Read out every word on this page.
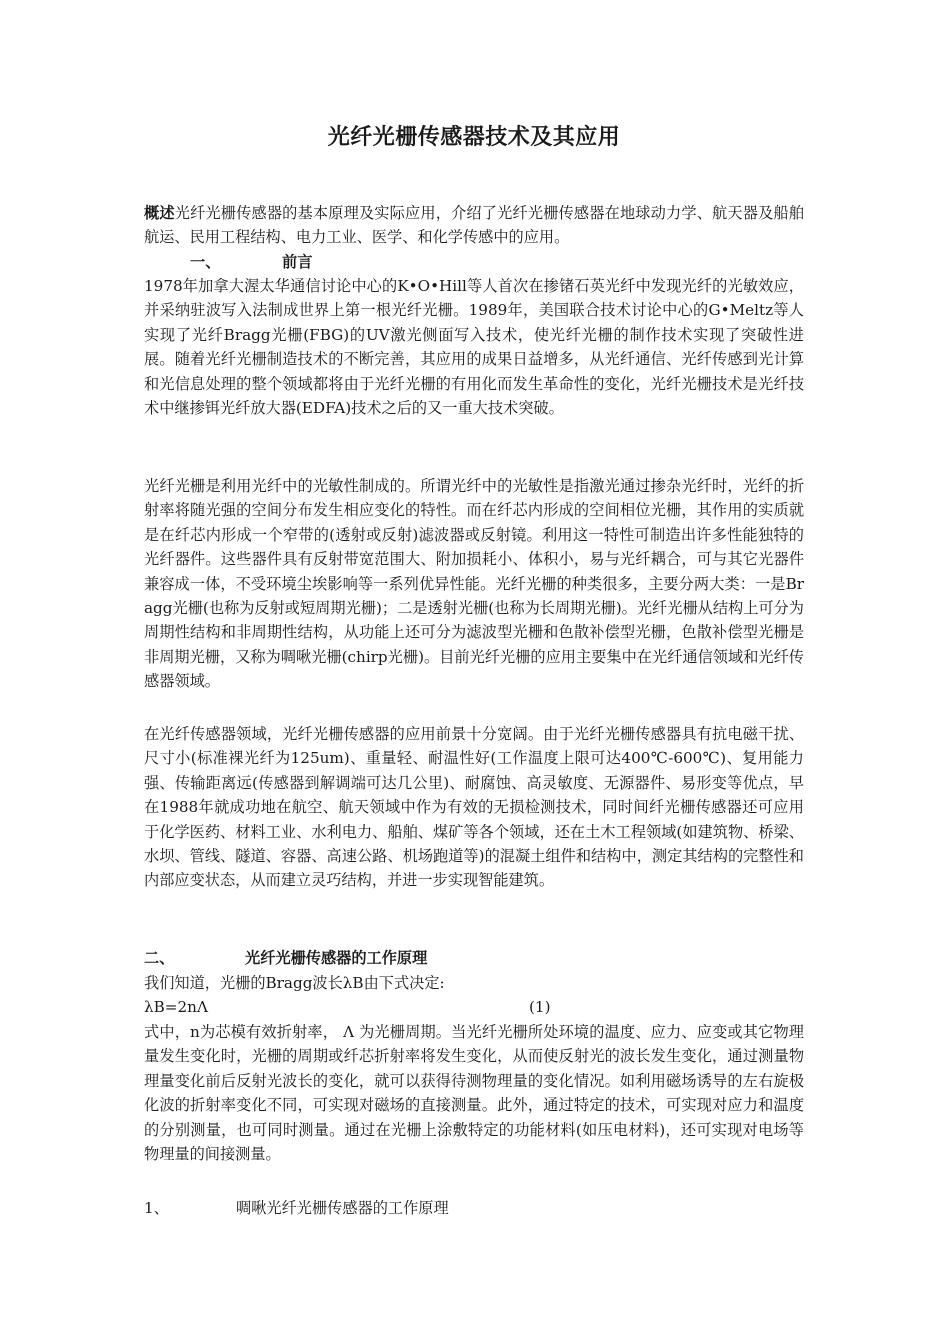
光纤光栅传感器技术及其应用
概述光纤光栅传感器的基本原理及实际应用，介绍了光纤光栅传感器在地球动力学、航天器及船舶航运、民用工程结构、电力工业、医学、和化学传感中的应用。
一、	前言
1978年加拿大渥太华通信讨论中心的K•O•Hill等人首次在掺锗石英光纤中发现光纤的光敏效应，并采纳驻波写入法制成世界上第一根光纤光栅。1989年，美国联合技术讨论中心的G•Meltz等人实现了光纤Bragg光栅(FBG)的UV激光侧面写入技术，使光纤光栅的制作技术实现了突破性进展。随着光纤光栅制造技术的不断完善，其应用的成果日益增多，从光纤通信、光纤传感到光计算和光信息处理的整个领域都将由于光纤光栅的有用化而发生革命性的变化，光纤光栅技术是光纤技术中继掺铒光纤放大器(EDFA)技术之后的又一重大技术突破。
光纤光栅是利用光纤中的光敏性制成的。所谓光纤中的光敏性是指激光通过掺杂光纤时，光纤的折射率将随光强的空间分布发生相应变化的特性。而在纤芯内形成的空间相位光栅，其作用的实质就是在纤芯内形成一个窄带的(透射或反射)滤波器或反射镜。利用这一特性可制造出许多性能独特的光纤器件。这些器件具有反射带宽范围大、附加损耗小、体积小，易与光纤耦合，可与其它光器件兼容成一体，不受环境尘埃影响等一系列优异性能。光纤光栅的种类很多，主要分两大类：一是Bragg光栅(也称为反射或短周期光栅)；二是透射光栅(也称为长周期光栅)。光纤光栅从结构上可分为周期性结构和非周期性结构，从功能上还可分为滤波型光栅和色散补偿型光栅，色散补偿型光栅是非周期光栅，又称为啁啾光栅(chirp光栅)。目前光纤光栅的应用主要集中在光纤通信领域和光纤传感器领域。
在光纤传感器领域，光纤光栅传感器的应用前景十分宽阔。由于光纤光栅传感器具有抗电磁干扰、尺寸小(标准裸光纤为125um)、重量轻、耐温性好(工作温度上限可达400℃-600℃)、复用能力强、传输距离远(传感器到解调端可达几公里)、耐腐蚀、高灵敏度、无源器件、易形变等优点，早在1988年就成功地在航空、航天领域中作为有效的无损检测技术，同时间纤光栅传感器还可应用于化学医药、材料工业、水利电力、船舶、煤矿等各个领域，还在土木工程领域(如建筑物、桥梁、水坝、管线、隧道、容器、高速公路、机场跑道等)的混凝土组件和结构中，测定其结构的完整性和内部应变状态，从而建立灵巧结构，并进一步实现智能建筑。
二、	光纤光栅传感器的工作原理
我们知道，光栅的Bragg波长λB由下式决定:
λB=2nΛ	(1)
式中，n为芯模有效折射率， Λ 为光栅周期。当光纤光栅所处环境的温度、应力、应变或其它物理量发生变化时，光栅的周期或纤芯折射率将发生变化，从而使反射光的波长发生变化，通过测量物理量变化前后反射光波长的变化，就可以获得待测物理量的变化情况。如利用磁场诱导的左右旋极化波的折射率变化不同，可实现对磁场的直接测量。此外，通过特定的技术，可实现对应力和温度的分别测量，也可同时测量。通过在光栅上涂敷特定的功能材料(如压电材料)，还可实现对电场等物理量的间接测量。
1、	啁啾光纤光栅传感器的工作原理
